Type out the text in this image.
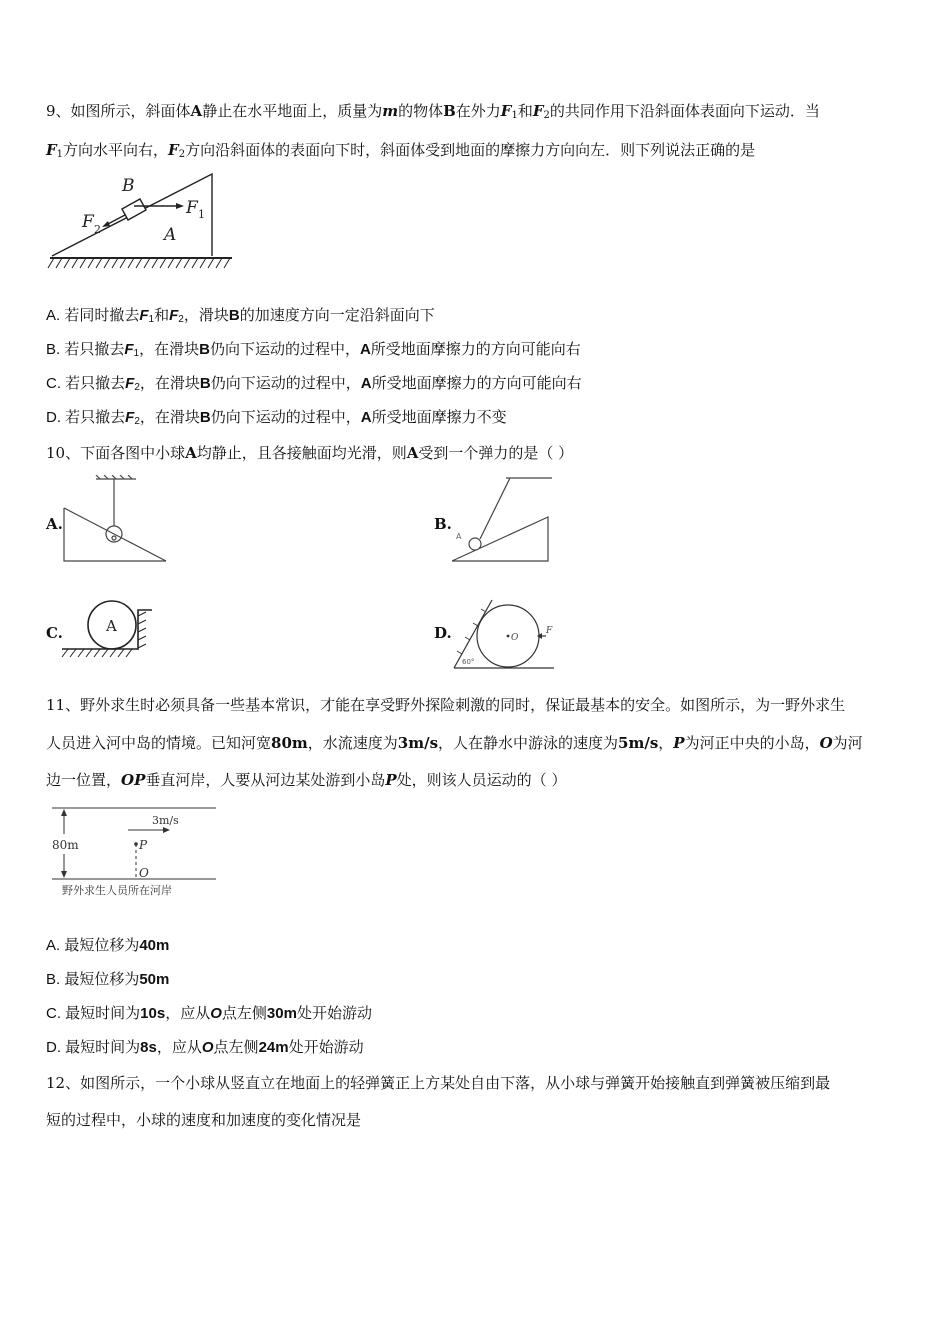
9、如图所示，斜面体A静止在水平地面上，质量为m的物体B在外力$F_1$和$F_2$的共同作用下沿斜面体表面向下运动．当
$F_1$方向水平向右，$F_2$方向沿斜面体的表面向下时，斜面体受到地面的摩擦力方向向左．则下列说法正确的是
B
F 1
F 2	A
A. 若同时撤去$F_1$和$F_2$，滑块B的加速度方向一定沿斜面向下
B. 若只撤去$F_1$，在滑块B仍向下运动的过程中，A所受地面摩擦力的方向可能向右
C. 若只撤去$F_2$，在滑块B仍向下运动的过程中，A所受地面摩擦力的方向可能向右
D. 若只撤去$F_2$，在滑块B仍向下运动的过程中，A所受地面摩擦力不变
10、下面各图中小球A均静止，且各接触面均光滑，则A受到一个弹力的是（ ）
A.	B.
A
C.	A	D.	O
F
60°
11、野外求生时必须具备一些基本常识，才能在享受野外探险刺激的同时，保证最基本的安全。如图所示，为一野外求生
人员进入河中岛的情境。已知河宽80m，水流速度为3m/s，人在静水中游泳的速度为5m/s，P为河正中央的小岛，O为河
边一位置，OP垂直河岸，人要从河边某处游到小岛P处，则该人员运动的（ ）
3m/s
80m	P
O
野外求生人员所在河岸
A. 最短位移为40m
B. 最短位移为50m
C. 最短时间为10s，应从O点左侧30m处开始游动
D. 最短时间为8s，应从O点左侧24m处开始游动
12、如图所示，一个小球从竖直立在地面上的轻弹簧正上方某处自由下落，从小球与弹簧开始接触直到弹簧被压缩到最
短的过程中，小球的速度和加速度的变化情况是
